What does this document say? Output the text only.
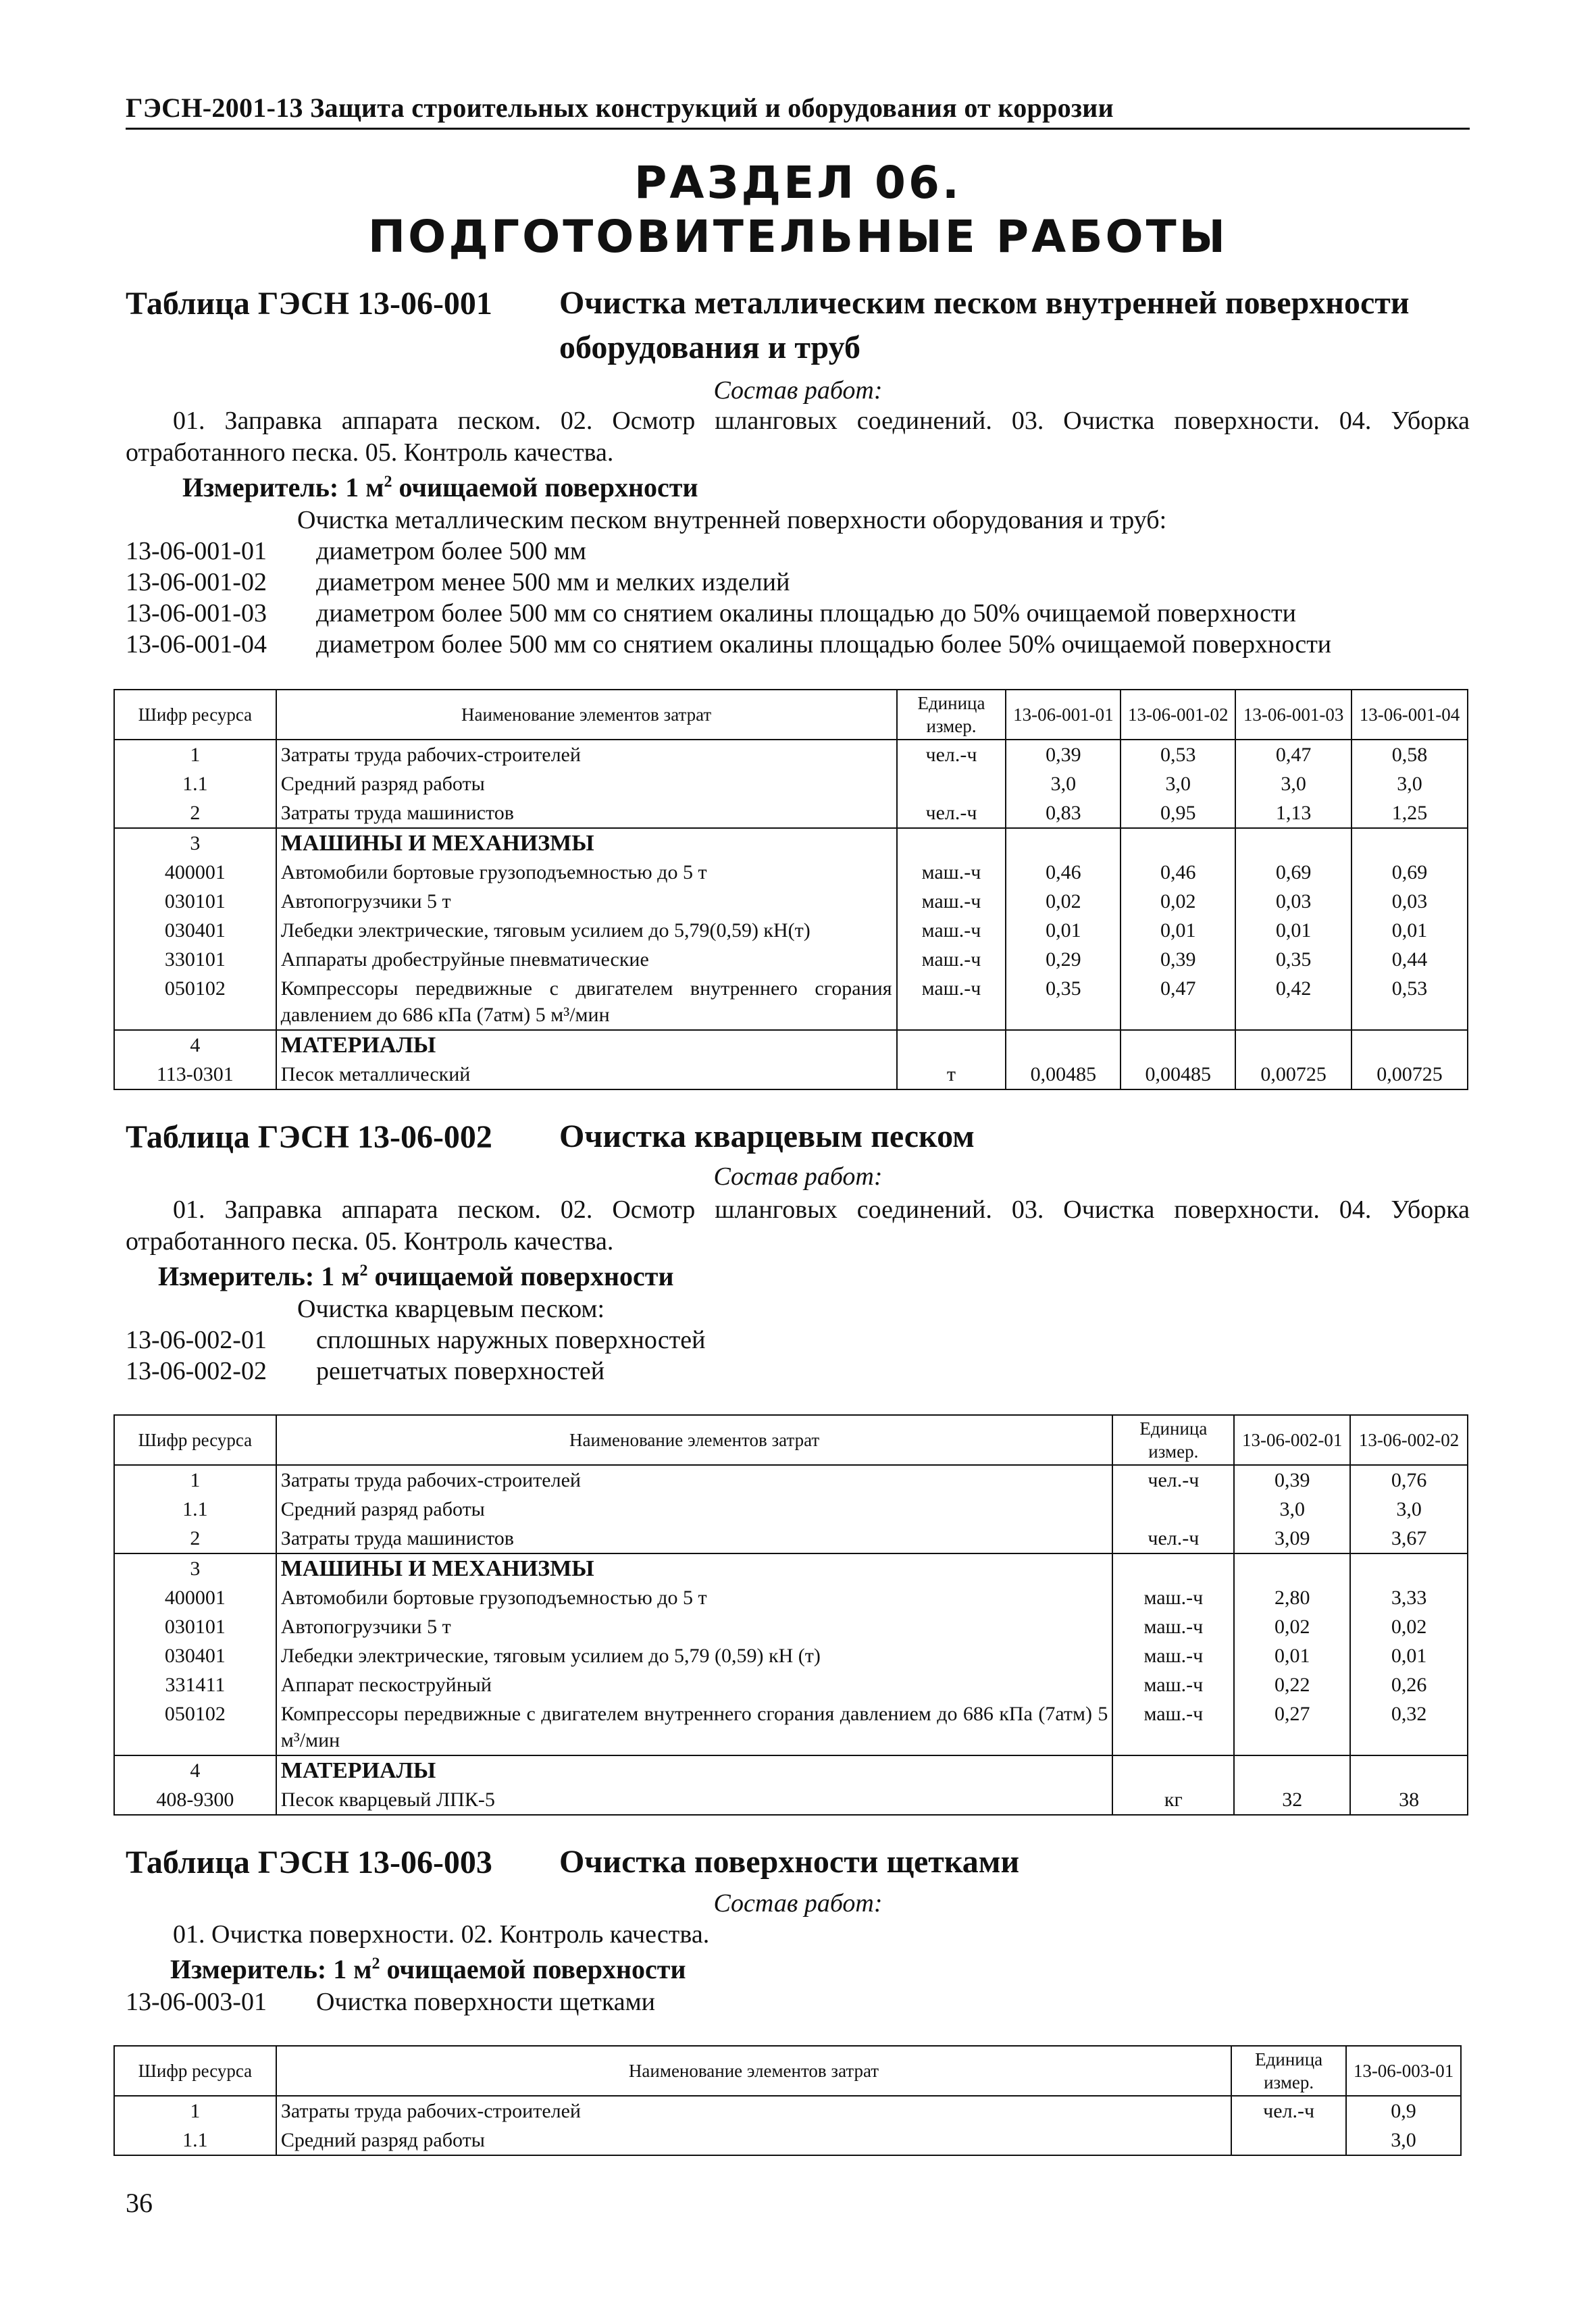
ГЭСН-2001-13 Защита строительных конструкций и оборудования от коррозии
РАЗДЕЛ 06.
ПОДГОТОВИТЕЛЬНЫЕ РАБОТЫ
Таблица ГЭСН 13-06-001 Очистка металлическим песком внутренней поверхности оборудования и труб
Состав работ:
01. Заправка аппарата песком. 02. Осмотр шланговых соединений. 03. Очистка поверхности. 04. Уборка отработанного песка. 05. Контроль качества.
Измеритель: 1 $м^2$ очищаемой поверхности
Очистка металлическим песком внутренней поверхности оборудования и труб:
13-06-001-01 диаметром более 500 мм
13-06-001-02 диаметром менее 500 мм и мелких изделий
13-06-001-03 диаметром более 500 мм со снятием окалины площадью до 50% очищаемой поверхности
13-06-001-04 диаметром более 500 мм со снятием окалины площадью более 50% очищаемой поверхности
Шифр ресурса	Наименование элементов затрат	Единица измер.	13-06-001-01	13-06-001-02	13-06-001-03	13-06-001-04
1	Затраты труда рабочих-строителей	чел.-ч	0,39	0,53	0,47	0,58
1.1	Средний разряд работы		3,0	3,0	3,0	3,0
2	Затраты труда машинистов	чел.-ч	0,83	0,95	1,13	1,25
3	МАШИНЫ И МЕХАНИЗМЫ					
400001	Автомобили бортовые грузоподъемностью до 5 т	маш.-ч	0,46	0,46	0,69	0,69
030101	Автопогрузчики 5 т	маш.-ч	0,02	0,02	0,03	0,03
030401	Лебедки электрические, тяговым усилием до 5,79(0,59) кН(т)	маш.-ч	0,01	0,01	0,01	0,01
330101	Аппараты дробеструйные пневматические	маш.-ч	0,29	0,39	0,35	0,44
050102	Компрессоры передвижные с двигателем внутреннего сгорания давлением до 686 кПа (7атм) 5 м³/мин	маш.-ч	0,35	0,47	0,42	0,53
4	МАТЕРИАЛЫ					
113-0301	Песок металлический	т	0,00485	0,00485	0,00725	0,00725
Таблица ГЭСН 13-06-002 Очистка кварцевым песком
Состав работ:
01. Заправка аппарата песком. 02. Осмотр шланговых соединений. 03. Очистка поверхности. 04. Уборка отработанного песка. 05. Контроль качества.
Измеритель: 1 $м^2$ очищаемой поверхности
Очистка кварцевым песком:
13-06-002-01 сплошных наружных поверхностей
13-06-002-02 решетчатых поверхностей
Шифр ресурса	Наименование элементов затрат	Единица измер.	13-06-002-01	13-06-002-02
1	Затраты труда рабочих-строителей	чел.-ч	0,39	0,76
1.1	Средний разряд работы		3,0	3,0
2	Затраты труда машинистов	чел.-ч	3,09	3,67
3	МАШИНЫ И МЕХАНИЗМЫ			
400001	Автомобили бортовые грузоподъемностью до 5 т	маш.-ч	2,80	3,33
030101	Автопогрузчики 5 т	маш.-ч	0,02	0,02
030401	Лебедки электрические, тяговым усилием до 5,79 (0,59) кН (т)	маш.-ч	0,01	0,01
331411	Аппарат пескоструйный	маш.-ч	0,22	0,26
050102	Компрессоры передвижные с двигателем внутреннего сгорания давлением до 686 кПа (7атм) 5 м³/мин	маш.-ч	0,27	0,32
4	МАТЕРИАЛЫ			
408-9300	Песок кварцевый ЛПК-5	кг	32	38
Таблица ГЭСН 13-06-003 Очистка поверхности щетками
Состав работ:
01. Очистка поверхности. 02. Контроль качества.
Измеритель: 1 $м^2$ очищаемой поверхности
13-06-003-01 Очистка поверхности щетками
Шифр ресурса	Наименование элементов затрат	Единица измер.	13-06-003-01
1	Затраты труда рабочих-строителей	чел.-ч	0,9
1.1	Средний разряд работы		3,0
36
